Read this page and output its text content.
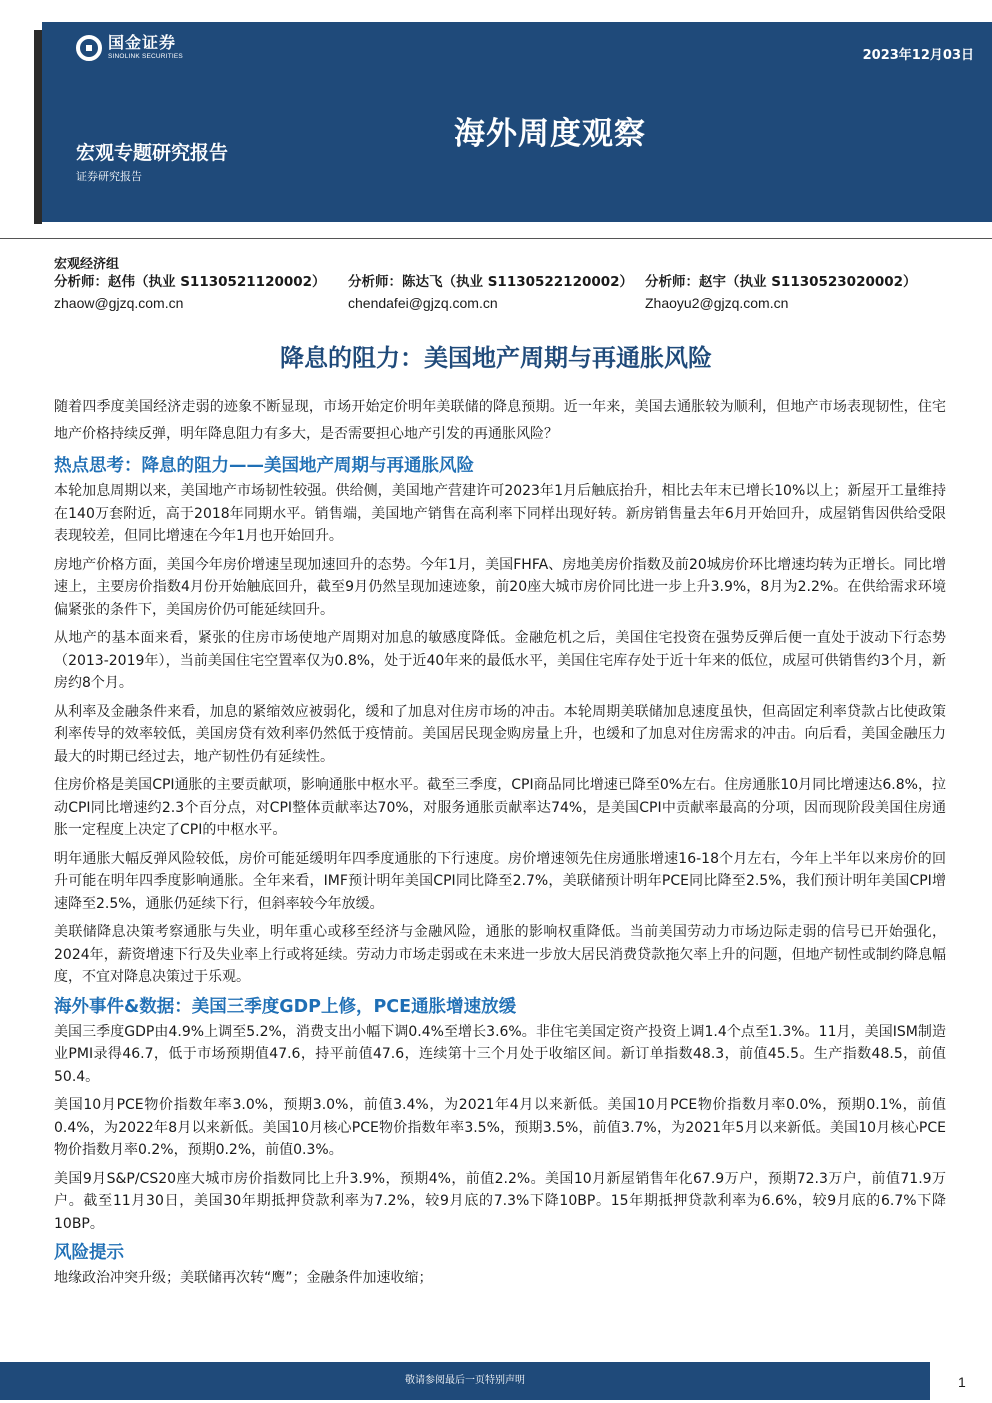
国金证券
SINOLINK SECURITIES	2023年12月03日
海外周度观察
宏观专题研究报告
证券研究报告
宏观经济组
分析师：赵伟（执业 S1130521120002）
zhaow@gjzq.com.cn
分析师：陈达飞（执业 S1130522120002）
chendafei@gjzq.com.cn
分析师：赵宇（执业 S1130523020002）
Zhaoyu2@gjzq.com.cn
降息的阻力：美国地产周期与再通胀风险

随着四季度美国经济走弱的迹象不断显现，市场开始定价明年美联储的降息预期。近一年来，美国去通胀较为顺利，但地产市场表现韧性，住宅地产价格持续反弹，明年降息阻力有多大，是否需要担心地产引发的再通胀风险？

热点思考：降息的阻力——美国地产周期与再通胀风险

本轮加息周期以来，美国地产市场韧性较强。供给侧，美国地产营建许可2023年1月后触底抬升，相比去年末已增长10%以上；新屋开工量维持在140万套附近，高于2018年同期水平。销售端，美国地产销售在高利率下同样出现好转。新房销售量去年6月开始回升，成屋销售因供给受限表现较差，但同比增速在今年1月也开始回升。

房地产价格方面，美国今年房价增速呈现加速回升的态势。今年1月，美国FHFA、房地美房价指数及前20城房价环比增速均转为正增长。同比增速上，主要房价指数4月份开始触底回升，截至9月仍然呈现加速迹象，前20座大城市房价同比进一步上升3.9%，8月为2.2%。在供给需求环境偏紧张的条件下，美国房价仍可能延续回升。

从地产的基本面来看，紧张的住房市场使地产周期对加息的敏感度降低。金融危机之后，美国住宅投资在强势反弹后便一直处于波动下行态势（2013-2019年），当前美国住宅空置率仅为0.8%，处于近40年来的最低水平，美国住宅库存处于近十年来的低位，成屋可供销售约3个月，新房约8个月。

从利率及金融条件来看，加息的紧缩效应被弱化，缓和了加息对住房市场的冲击。本轮周期美联储加息速度虽快，但高固定利率贷款占比使政策利率传导的效率较低，美国房贷有效利率仍然低于疫情前。美国居民现金购房量上升，也缓和了加息对住房需求的冲击。向后看，美国金融压力最大的时期已经过去，地产韧性仍有延续性。

住房价格是美国CPI通胀的主要贡献项，影响通胀中枢水平。截至三季度，CPI商品同比增速已降至0%左右。住房通胀10月同比增速达6.8%，拉动CPI同比增速约2.3个百分点，对CPI整体贡献率达70%，对服务通胀贡献率达74%，是美国CPI中贡献率最高的分项，因而现阶段美国住房通胀一定程度上决定了CPI的中枢水平。

明年通胀大幅反弹风险较低，房价可能延缓明年四季度通胀的下行速度。房价增速领先住房通胀增速16-18个月左右，今年上半年以来房价的回升可能在明年四季度影响通胀。全年来看，IMF预计明年美国CPI同比降至2.7%，美联储预计明年PCE同比降至2.5%，我们预计明年美国CPI增速降至2.5%，通胀仍延续下行，但斜率较今年放缓。

美联储降息决策考察通胀与失业，明年重心或移至经济与金融风险，通胀的影响权重降低。当前美国劳动力市场边际走弱的信号已开始强化，2024年，薪资增速下行及失业率上行或将延续。劳动力市场走弱或在未来进一步放大居民消费贷款拖欠率上升的问题，但地产韧性或制约降息幅度，不宜对降息决策过于乐观。

海外事件&数据：美国三季度GDP上修，PCE通胀增速放缓

美国三季度GDP由4.9%上调至5.2%，消费支出小幅下调0.4%至增长3.6%。非住宅美国定资产投资上调1.4个点至1.3%。11月，美国ISM制造业PMI录得46.7，低于市场预期值47.6，持平前值47.6，连续第十三个月处于收缩区间。新订单指数48.3，前值45.5。生产指数48.5，前值50.4。

美国10月PCE物价指数年率3.0%，预期3.0%，前值3.4%，为2021年4月以来新低。美国10月PCE物价指数月率0.0%，预期0.1%，前值0.4%，为2022年8月以来新低。美国10月核心PCE物价指数年率3.5%，预期3.5%，前值3.7%，为2021年5月以来新低。美国10月核心PCE物价指数月率0.2%，预期0.2%，前值0.3%。

美国9月S&P/CS20座大城市房价指数同比上升3.9%，预期4%，前值2.2%。美国10月新屋销售年化67.9万户，预期72.3万户，前值71.9万户。截至11月30日，美国30年期抵押贷款利率为7.2%，较9月底的7.3%下降10BP。15年期抵押贷款利率为6.6%，较9月底的6.7%下降10BP。

风险提示

地缘政治冲突升级；美联储再次转“鹰”；金融条件加速收缩；

敬请参阅最后一页特别声明	1
